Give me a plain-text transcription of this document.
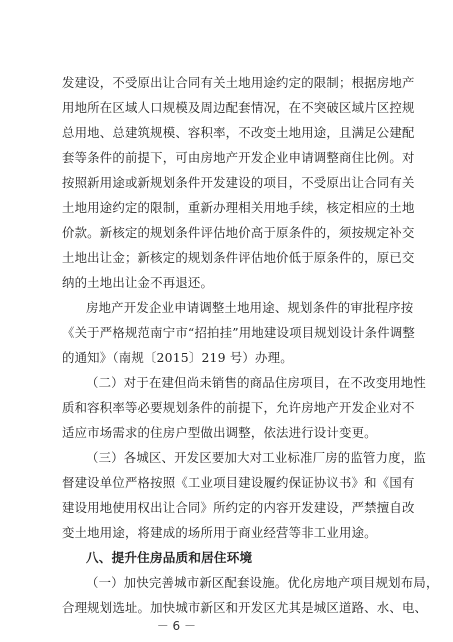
发建设，不受原出让合同有关土地用途约定的限制；根据房地产
用地所在区域人口规模及周边配套情况，在不突破区域片区控规
总用地、总建筑规模、容积率，不改变土地用途，且满足公建配
套等条件的前提下，可由房地产开发企业申请调整商住比例。对
按照新用途或新规划条件开发建设的项目，不受原出让合同有关
土地用途约定的限制，重新办理相关用地手续，核定相应的土地
价款。新核定的规划条件评估地价高于原条件的，须按规定补交
土地出让金；新核定的规划条件评估地价低于原条件的，原已交
纳的土地出让金不再退还。
房地产开发企业申请调整土地用途、规划条件的审批程序按
《关于严格规范南宁市“招拍挂”用地建设项目规划设计条件调整
的通知》（南规〔2015〕219 号）办理。
（二）对于在建但尚未销售的商品住房项目，在不改变用地性
质和容积率等必要规划条件的前提下，允许房地产开发企业对不
适应市场需求的住房户型做出调整，依法进行设计变更。
（三）各城区、开发区要加大对工业标准厂房的监管力度，监
督建设单位严格按照《工业项目建设履约保证协议书》和《国有
建设用地使用权出让合同》所约定的内容开发建设，严禁擅自改
变土地用途，将建成的场所用于商业经营等非工业用途。
八、提升住房品质和居住环境
（一）加快完善城市新区配套设施。优化房地产项目规划布局，
合理规划选址。加快城市新区和开发区尤其是城区道路、水、电、
－ 6 －
